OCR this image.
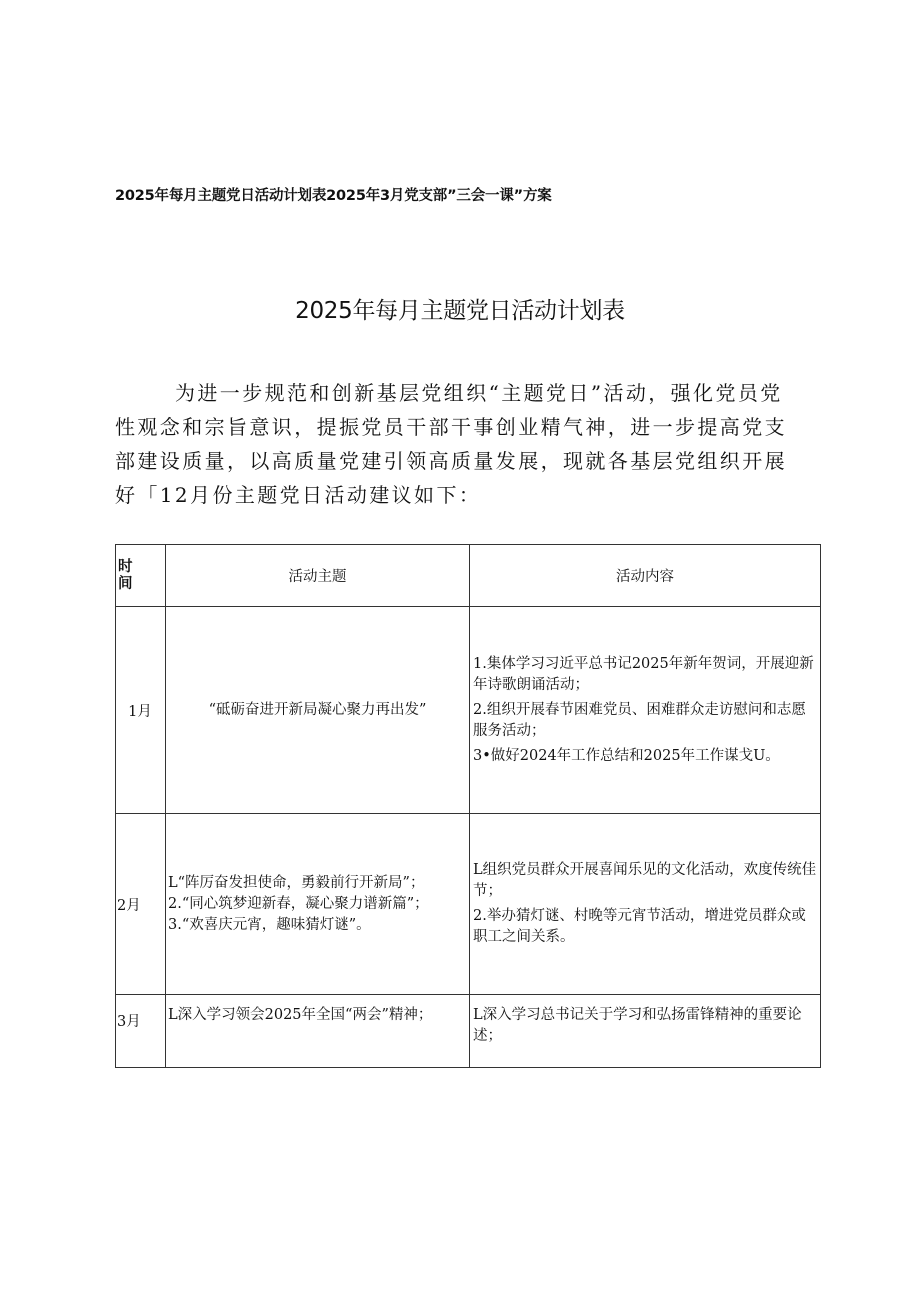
2025年每月主题党日活动计划表2025年3月党支部”三会一课”方案
2025年每月主题党日活动计划表
为进一步规范和创新基层党组织“主题党日”活动，强化党员党
性观念和宗旨意识，提振党员干部干事创业精气神，进一步提高党支
部建设质量，以高质量党建引领高质量发展，现就各基层党组织开展
好「12月份主题党日活动建议如下：
时
间	活动主题	活动内容
1月	“砥砺奋进开新局凝心聚力再出发”	1.集体学习习近平总书记2025年新年贺词，开展迎新年诗歌朗诵活动；
2.组织开展春节困难党员、困难群众走访慰问和志愿服务活动；
3•做好2024年工作总结和2025年工作谋戈U。

2月	L“阵厉奋发担使命，勇毅前行开新局”；
2.“同心筑梦迎新春，凝心聚力谱新篇”；
3.“欢喜庆元宵，趣味猜灯谜”。	L组织党员群众开展喜闻乐见的文化活动，欢度传统佳节；
2.举办猜灯谜、村晚等元宵节活动，增进党员群众或职工之间关系。

3月	L深入学习领会2025年全国“两会”精神；	L深入学习总书记关于学习和弘扬雷锋精神的重要论述；
